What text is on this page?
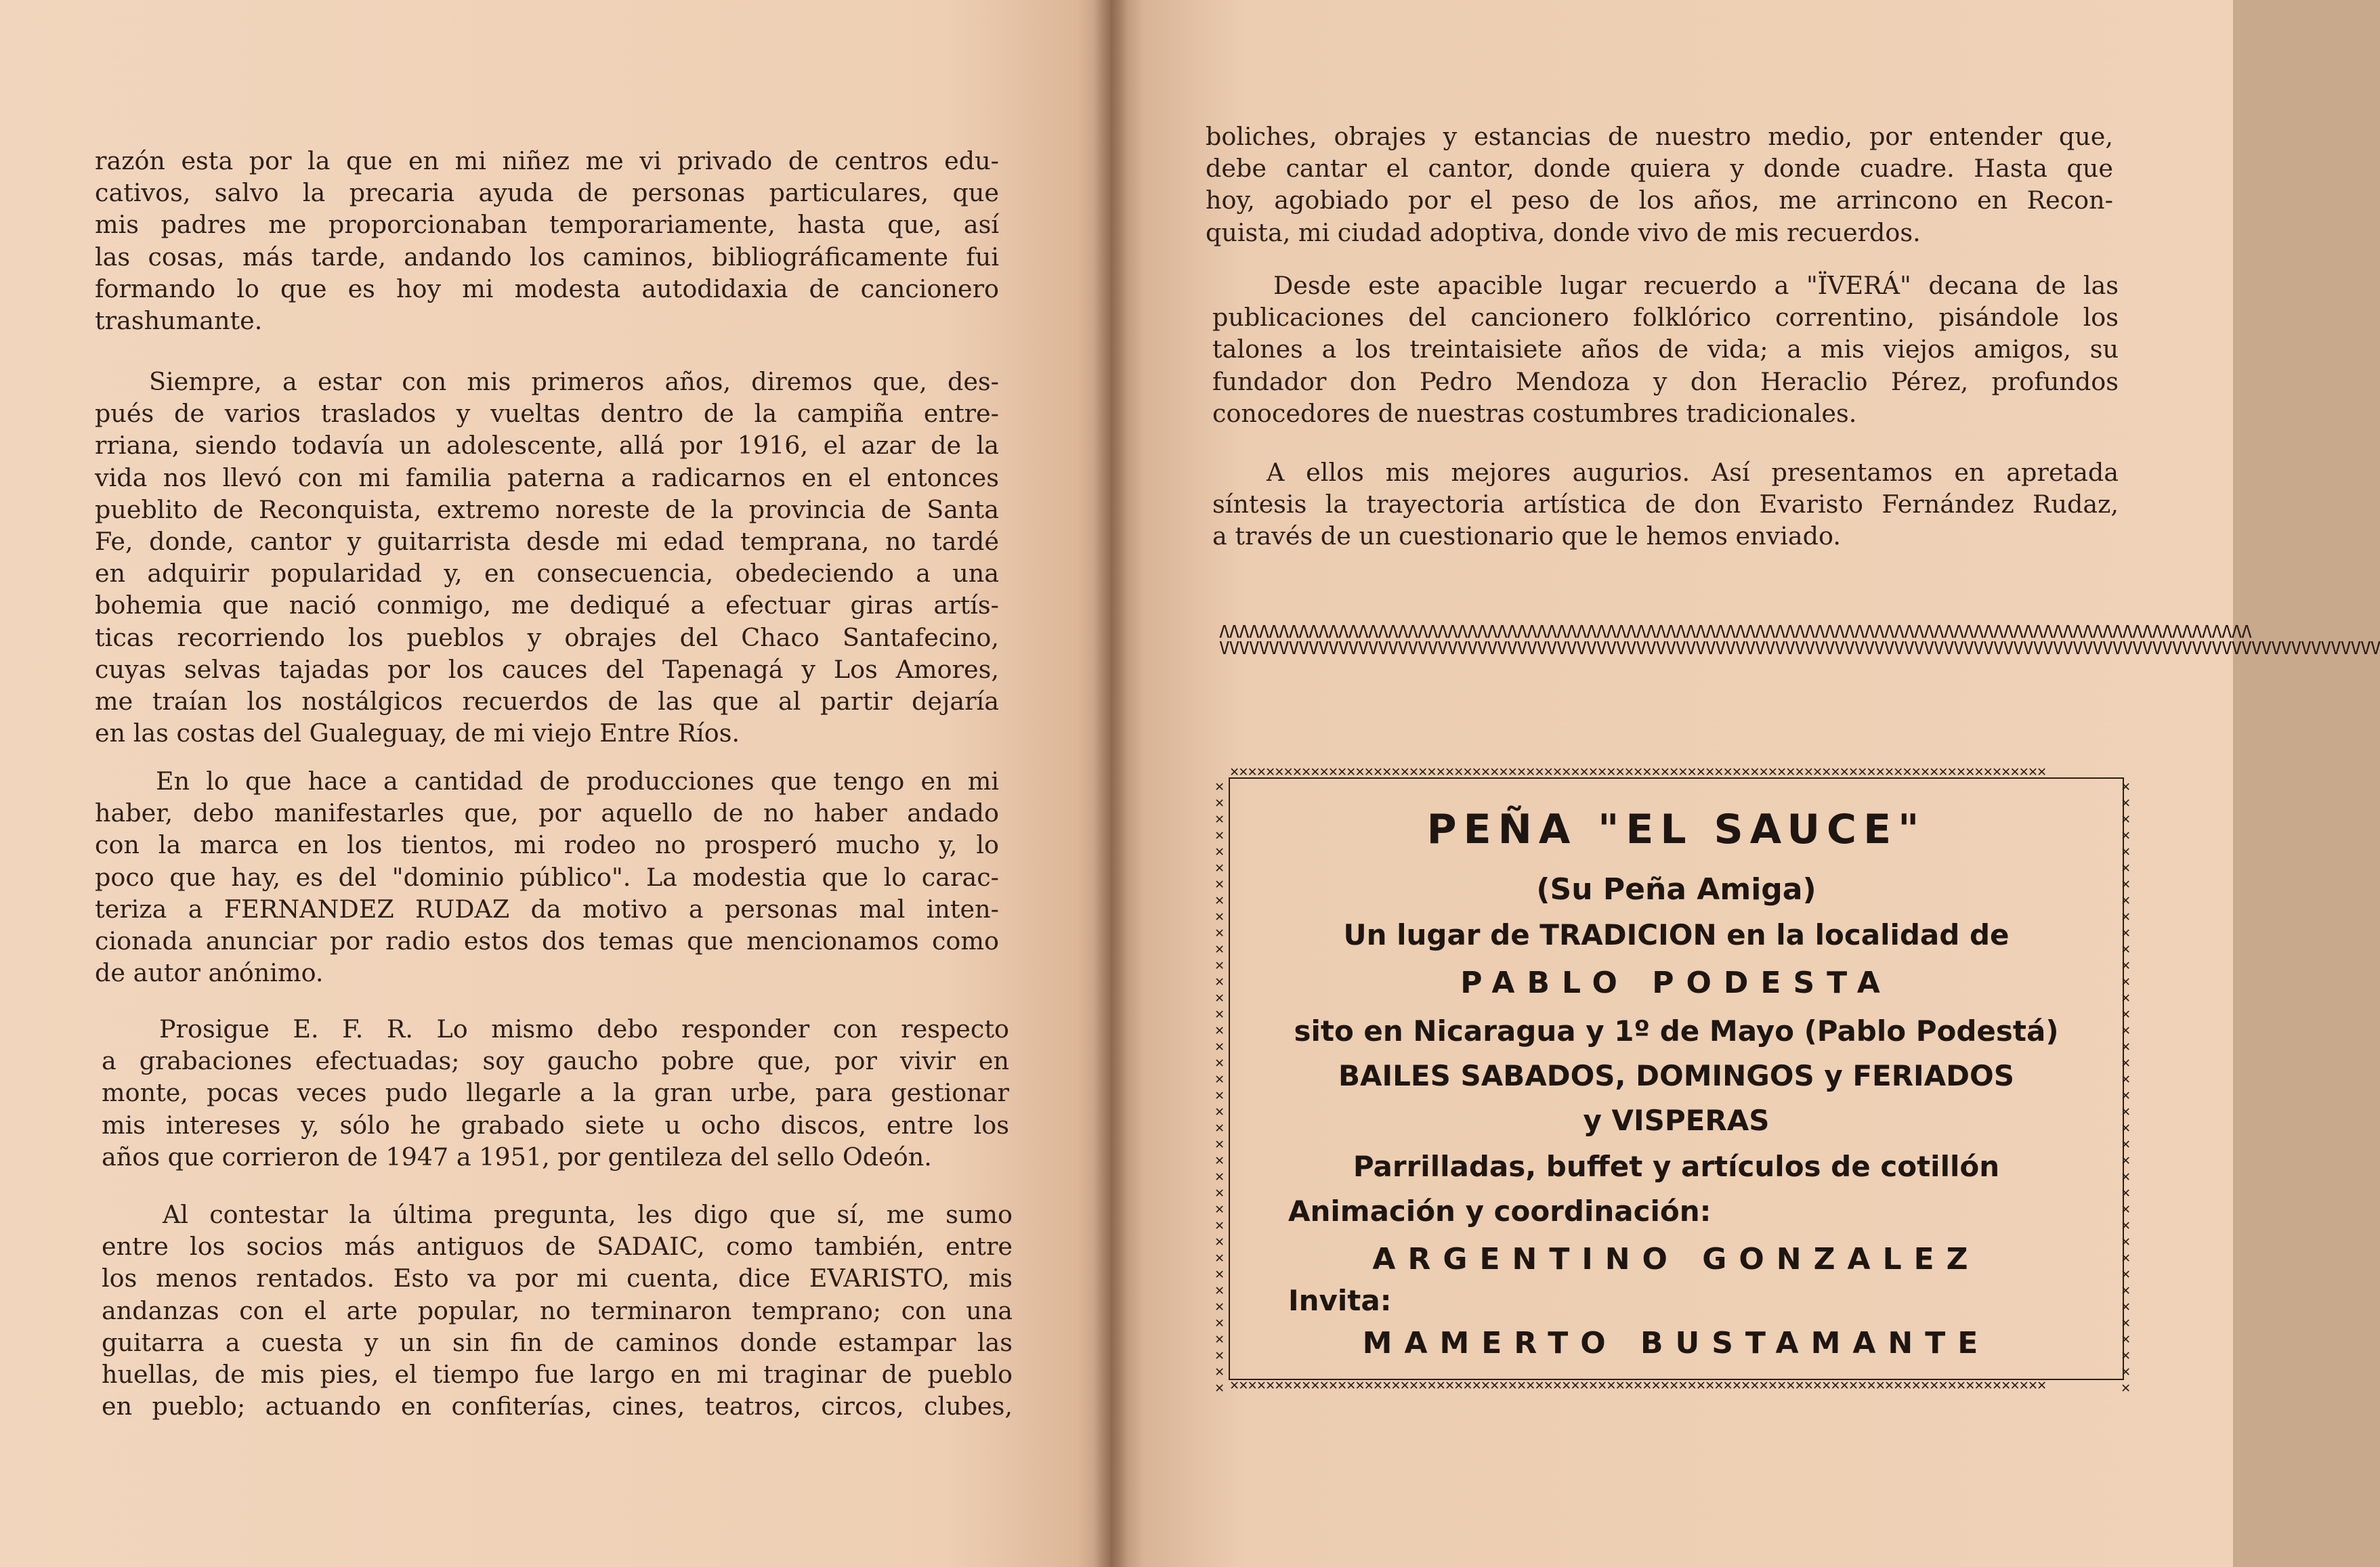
razón esta por la que en mi niñez me vi privado de centros edu-
cativos, salvo la precaria ayuda de personas particulares, que
mis padres me proporcionaban temporariamente, hasta que, así
las cosas, más tarde, andando los caminos, bibliográficamente fui
formando lo que es hoy mi modesta autodidaxia de cancionero
trashumante.
Siempre, a estar con mis primeros años, diremos que, des-
pués de varios traslados y vueltas dentro de la campiña entre-
rriana, siendo todavía un adolescente, allá por 1916, el azar de la
vida nos llevó con mi familia paterna a radicarnos en el entonces
pueblito de Reconquista, extremo noreste de la provincia de Santa
Fe, donde, cantor y guitarrista desde mi edad temprana, no tardé
en adquirir popularidad y, en consecuencia, obedeciendo a una
bohemia que nació conmigo, me dediqué a efectuar giras artís-
ticas recorriendo los pueblos y obrajes del Chaco Santafecino,
cuyas selvas tajadas por los cauces del Tapenagá y Los Amores,
me traían los nostálgicos recuerdos de las que al partir dejaría
en las costas del Gualeguay, de mi viejo Entre Ríos.
En lo que hace a cantidad de producciones que tengo en mi
haber, debo manifestarles que, por aquello de no haber andado
con la marca en los tientos, mi rodeo no prosperó mucho y, lo
poco que hay, es del "dominio público". La modestia que lo carac-
teriza a FERNANDEZ RUDAZ da motivo a personas mal inten-
cionada anunciar por radio estos dos temas que mencionamos como
de autor anónimo.
Prosigue E. F. R. Lo mismo debo responder con respecto
a grabaciones efectuadas; soy gaucho pobre que, por vivir en
monte, pocas veces pudo llegarle a la gran urbe, para gestionar
mis intereses y, sólo he grabado siete u ocho discos, entre los
años que corrieron de 1947 a 1951, por gentileza del sello Odeón.
Al contestar la última pregunta, les digo que sí, me sumo
entre los socios más antiguos de SADAIC, como también, entre
los menos rentados. Esto va por mi cuenta, dice EVARISTO, mis
andanzas con el arte popular, no terminaron temprano; con una
guitarra a cuesta y un sin fin de caminos donde estampar las
huellas, de mis pies, el tiempo fue largo en mi traginar de pueblo
en pueblo; actuando en confiterías, cines, teatros, circos, clubes,
boliches, obrajes y estancias de nuestro medio, por entender que,
debe cantar el cantor, donde quiera y donde cuadre. Hasta que
hoy, agobiado por el peso de los años, me arrincono en Recon-
quista, mi ciudad adoptiva, donde vivo de mis recuerdos.
Desde este apacible lugar recuerdo a "ÏVERÁ" decana de las
publicaciones del cancionero folklórico correntino, pisándole los
talones a los treintaisiete años de vida; a mis viejos amigos, su
fundador don Pedro Mendoza y don Heraclio Pérez, profundos
conocedores de nuestras costumbres tradicionales.
A ellos mis mejores augurios. Así presentamos en apretada
síntesis la trayectoria artística de don Evaristo Fernández Rudaz,
a través de un cuestionario que le hemos enviado.
ΛΛΛΛΛΛΛΛΛΛΛΛΛΛΛΛΛΛΛΛΛΛΛΛΛΛΛΛΛΛΛΛΛΛΛΛΛΛΛΛΛΛΛΛΛΛΛΛΛΛΛΛΛΛΛΛΛΛΛΛΛΛΛΛΛΛΛΛΛΛΛΛΛΛΛΛΛΛΛΛΛΛΛΛΛΛΛΛΛΛΛΛΛΛΛΛΛΛΛΛΛΛΛΛ
VVVVVVVVVVVVVVVVVVVVVVVVVVVVVVVVVVVVVVVVVVVVVVVVVVVVVVVVVVVVVVVVVVVVVVVVVVVVVVVVVVVVVVVVVVVVVVVVVVVVVVVVVVVVVVVVVVVVV
✕✕✕✕✕✕✕✕✕✕✕✕✕✕✕✕✕✕✕✕✕✕✕✕✕✕✕✕✕✕✕✕✕✕✕✕✕✕✕✕✕✕✕✕✕✕✕✕✕✕✕✕✕✕✕✕✕✕✕✕✕✕✕✕✕✕✕✕✕✕✕✕✕✕✕✕✕✕✕✕✕✕✕✕✕✕✕✕✕✕✕
✕✕✕✕✕✕✕✕✕✕✕✕✕✕✕✕✕✕✕✕✕✕✕✕✕✕✕✕✕✕✕✕✕✕✕✕✕✕✕✕✕✕✕✕✕✕✕✕✕✕✕✕✕✕✕✕✕✕✕✕✕✕✕✕✕✕✕✕✕✕✕✕✕✕✕✕✕✕✕✕✕✕✕✕✕✕✕✕✕✕✕
✕✕✕✕✕✕✕✕✕✕✕✕✕✕✕✕✕✕✕✕✕✕✕✕✕✕✕✕✕✕✕✕✕✕✕✕✕✕
✕✕✕✕✕✕✕✕✕✕✕✕✕✕✕✕✕✕✕✕✕✕✕✕✕✕✕✕✕✕✕✕✕✕✕✕✕✕

PEÑA "EL SAUCE"

(Su Peña Amiga)

Un lugar de TRADICION en la localidad de

PABLO PODESTA

sito en Nicaragua y 1º de Mayo (Pablo Podestá)

BAILES SABADOS, DOMINGOS y FERIADOS

y VISPERAS

Parrilladas, buffet y artículos de cotillón

Animación y coordinación:

ARGENTINO GONZALEZ

Invita:

MAMERTO BUSTAMANTE
